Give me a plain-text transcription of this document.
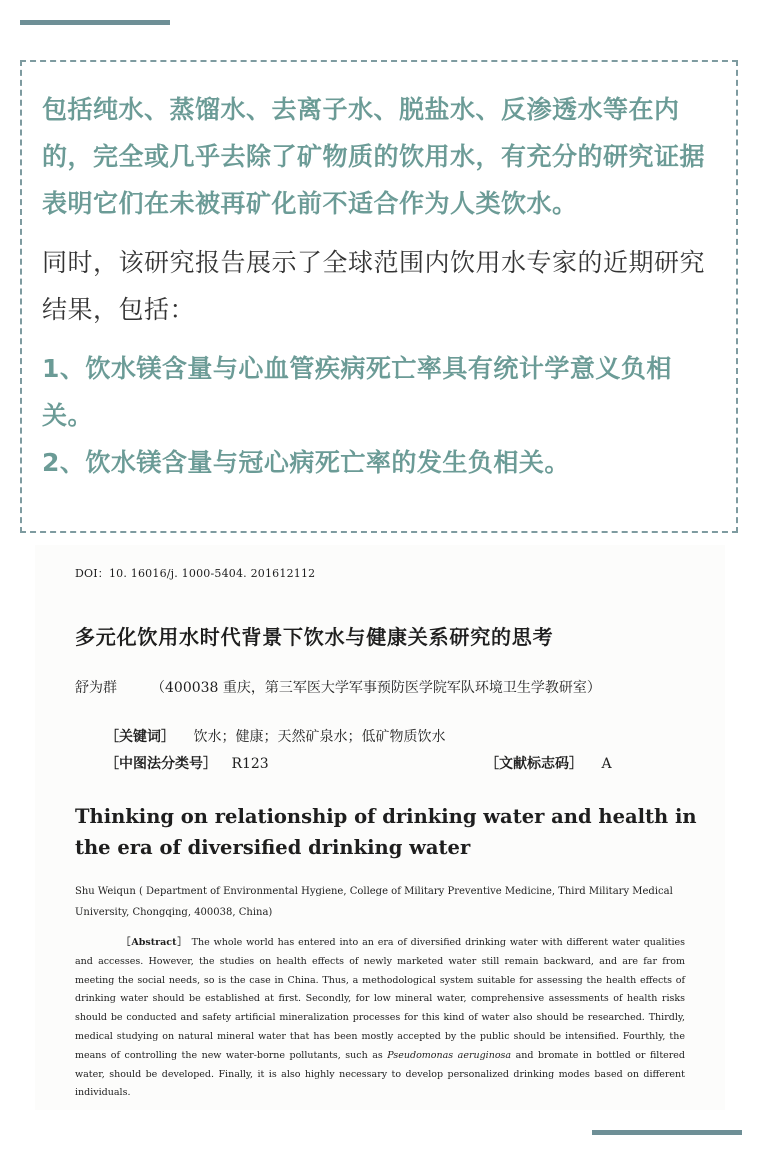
包括纯水、蒸馏水、去离子水、脱盐水、反渗透水等在内的，完全或几乎去除了矿物质的饮用水，有充分的研究证据表明它们在未被再矿化前不适合作为人类饮水。

同时，该研究报告展示了全球范围内饮用水专家的近期研究结果，包括：

1、饮水镁含量与心血管疾病死亡率具有统计学意义负相关。

2、饮水镁含量与冠心病死亡率的发生负相关。

DOI：10. 16016/j. 1000-5404. 201612112
多元化饮用水时代背景下饮水与健康关系研究的思考
舒为群 （400038 重庆，第三军医大学军事预防医学院军队环境卫生学教研室）
［关键词］ 饮水；健康；天然矿泉水；低矿物质饮水
［中图法分类号］ R123	［文献标志码］ A
Thinking on relationship of drinking water and health in the era of diversified drinking water
Shu Weiqun ( Department of Environmental Hygiene, College of Military Preventive Medicine, Third Military Medical University, Chongqing, 400038, China)
［Abstract］ The whole world has entered into an era of diversified drinking water with different water qualities and accesses. However, the studies on health effects of newly marketed water still remain backward, and are far from meeting the social needs, so is the case in China. Thus, a methodological system suitable for assessing the health effects of drinking water should be established at first. Secondly, for low mineral water, comprehensive assessments of health risks should be conducted and safety artificial mineralization processes for this kind of water also should be researched. Thirdly, medical studying on natural mineral water that has been mostly accepted by the public should be intensified. Fourthly, the means of controlling the new water-borne pollutants, such as Pseudomonas aeruginosa and bromate in bottled or filtered water, should be developed. Finally, it is also highly necessary to develop personalized drinking modes based on different individuals.
